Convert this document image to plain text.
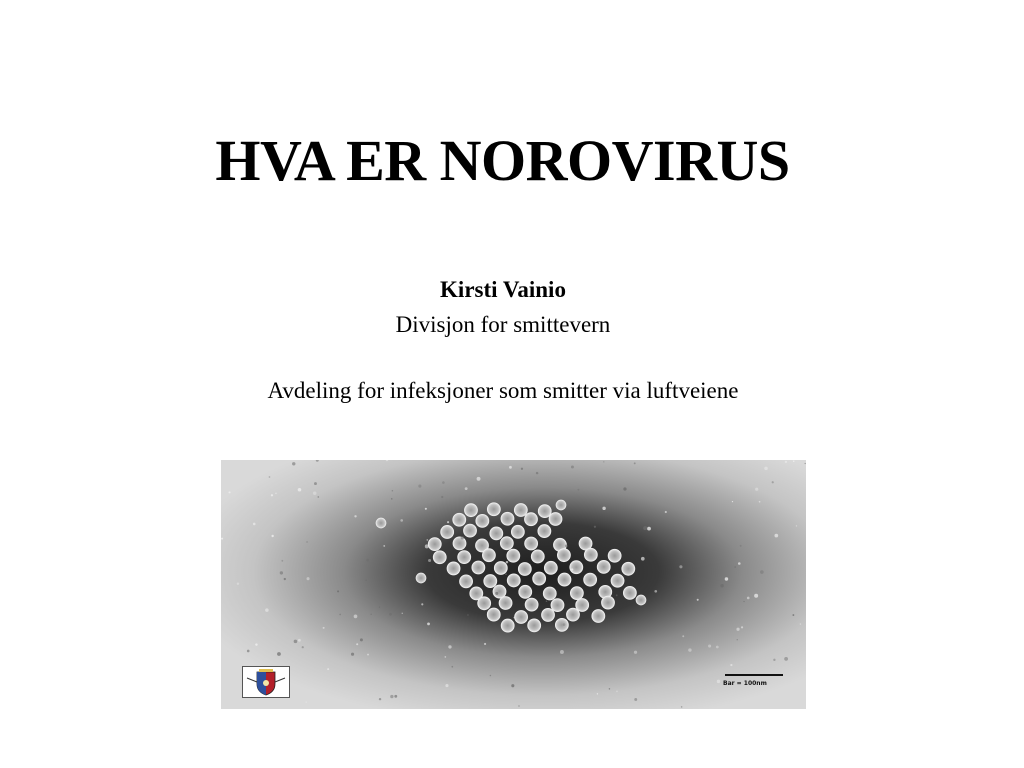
HVA ER NOROVIRUS
Kirsti Vainio
Divisjon for smittevern
Avdeling for infeksjoner som smitter via luftveiene
Bar = 100nm
